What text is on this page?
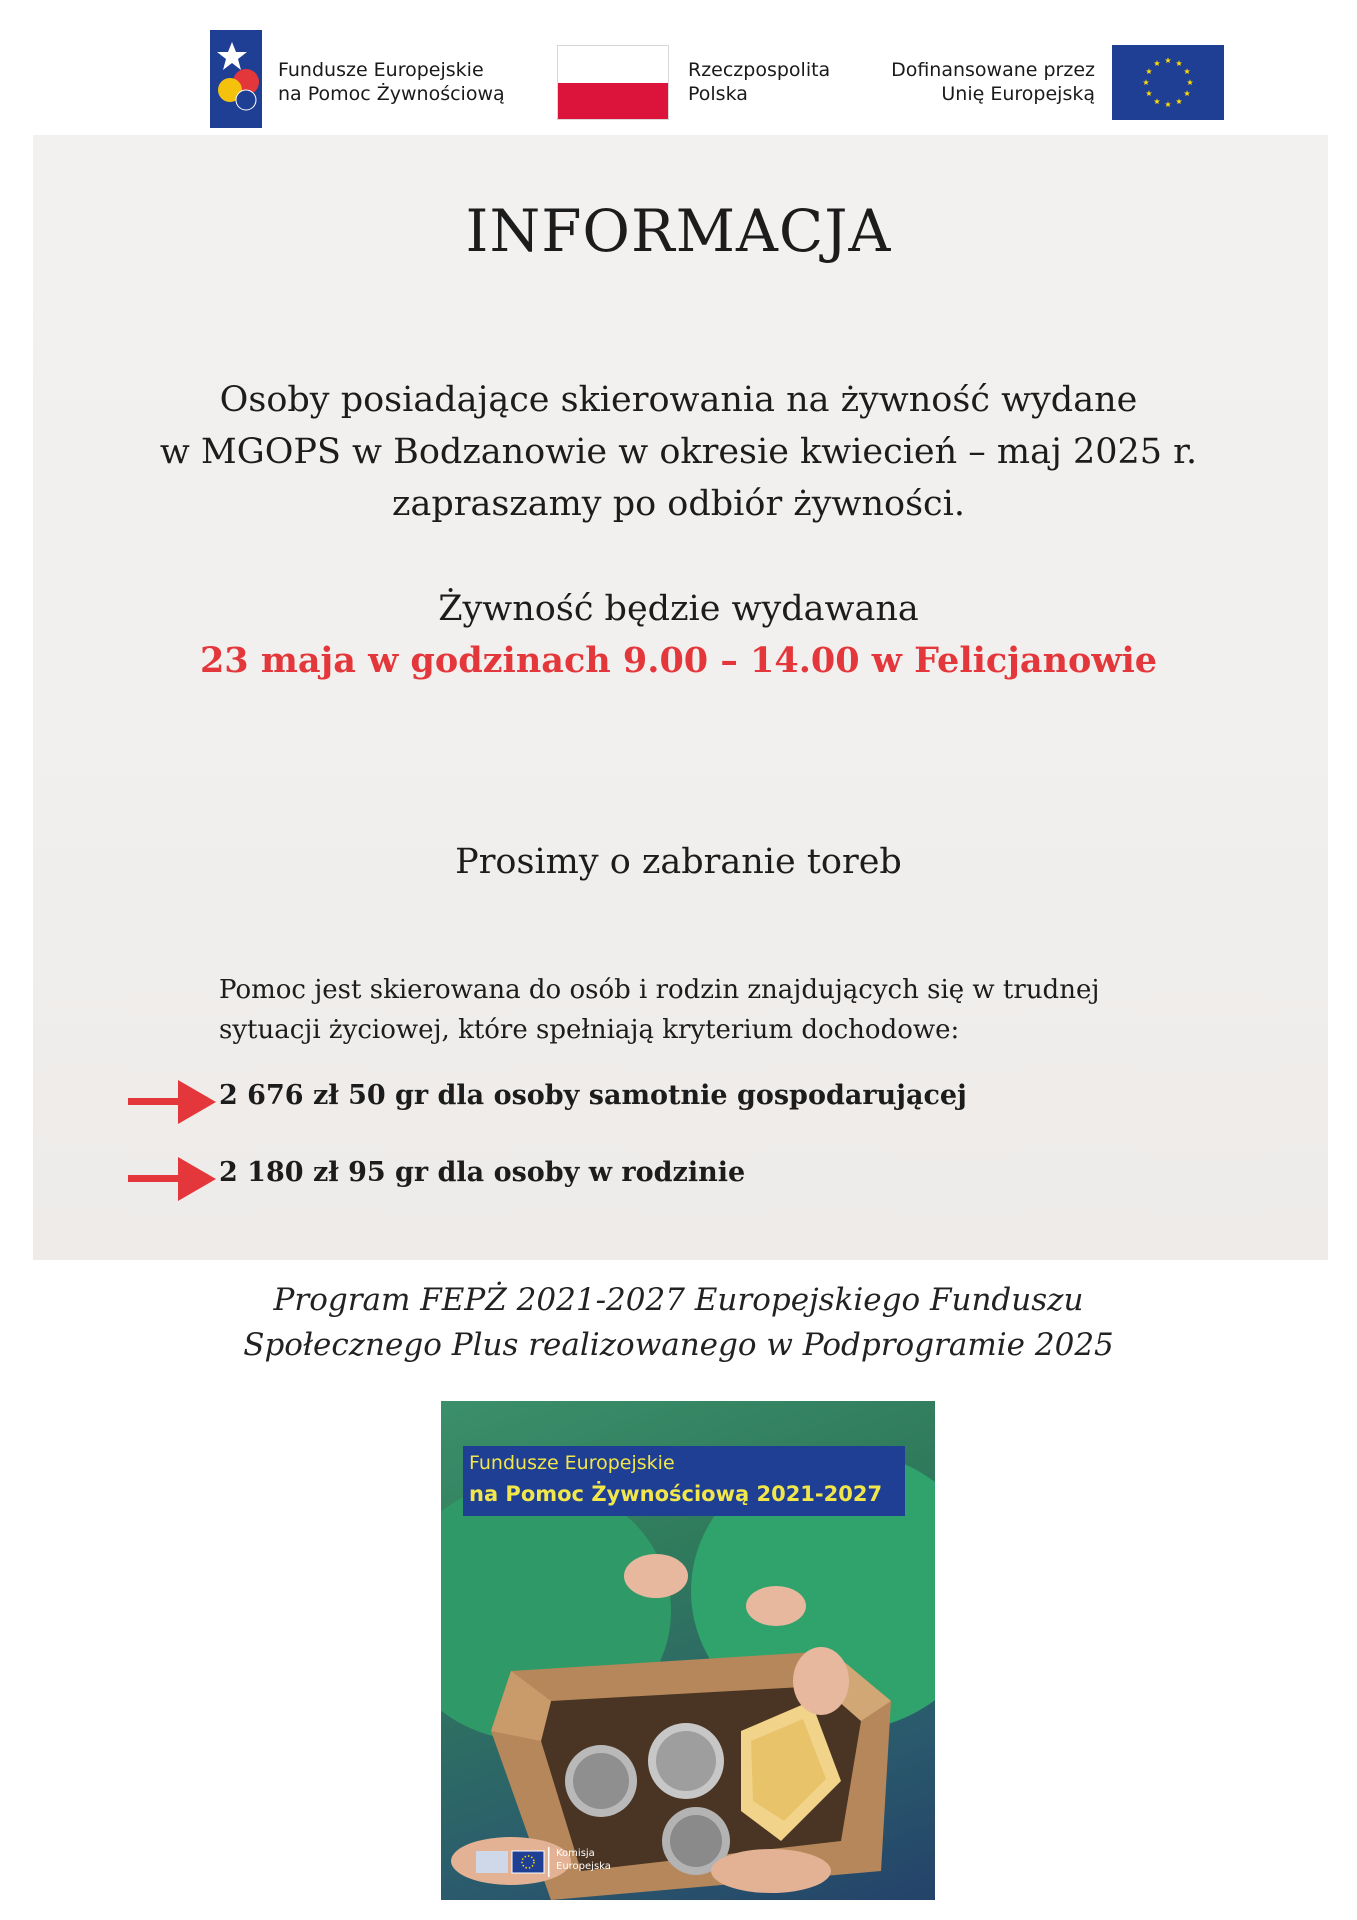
Fundusze Europejskie
na Pomoc Żywnościową
Rzeczpospolita
Polska
Dofinansowane przez
Unię Europejską
INFORMACJA
Osoby posiadające skierowania na żywność wydane
w MGOPS w Bodzanowie w okresie kwiecień – maj 2025 r.
zapraszamy po odbiór żywności.
Żywność będzie wydawana
23 maja w godzinach 9.00 – 14.00 w Felicjanowie
Prosimy o zabranie toreb
Pomoc jest skierowana do osób i rodzin znajdujących się w trudnej
sytuacji życiowej, które spełniają kryterium dochodowe:
2 676 zł 50 gr dla osoby samotnie gospodarującej
2 180 zł 95 gr dla osoby w rodzinie
Program FEPŻ 2021-2027 Europejskiego Funduszu
Społecznego Plus realizowanego w Podprogramie 2025
Fundusze Europejskie
na Pomoc Żywnościową 2021-2027
Komisja
Europejska
